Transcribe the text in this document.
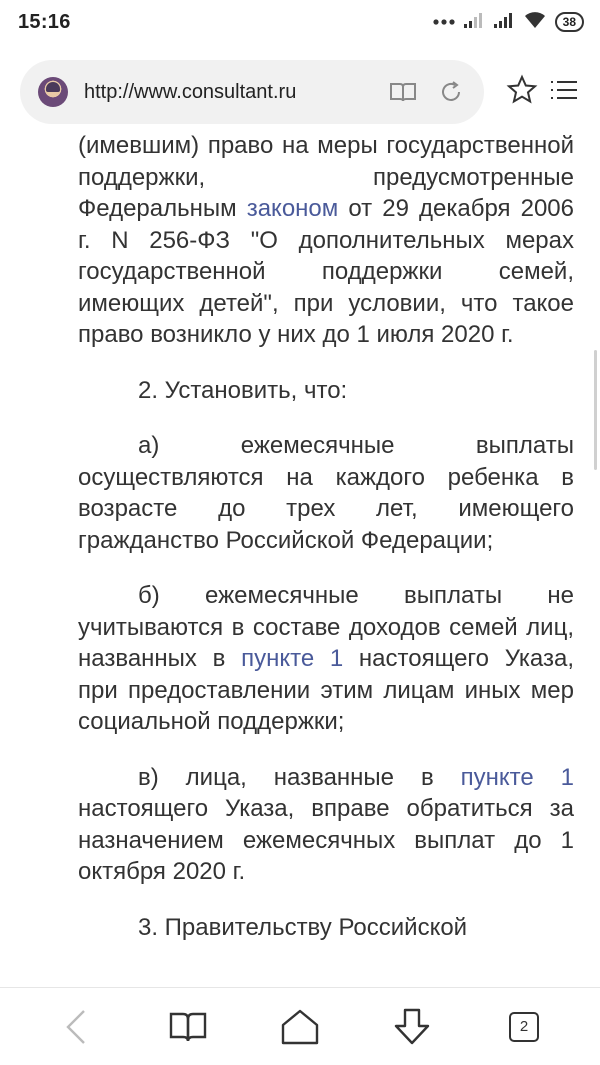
15:16	38
http://www.consultant.ru

(имевшим) право на меры государственной поддержки, предусмотренные Федеральным законом от 29 декабря 2006 г. N 256-ФЗ "О дополнительных мерах государственной поддержки семей, имеющих детей", при условии, что такое право возникло у них до 1 июля 2020 г.

2. Установить, что:

а) ежемесячные выплаты осуществляются на каждого ребенка в возрасте до трех лет, имеющего гражданство Российской Федерации;

б) ежемесячные выплаты не учитываются в составе доходов семей лиц, названных в пункте 1 настоящего Указа, при предоставлении этим лицам иных мер социальной поддержки;

в) лица, названные в пункте 1 настоящего Указа, вправе обратиться за назначением ежемесячных выплат до 1 октября 2020 г.

3. Правительству Российской

2
